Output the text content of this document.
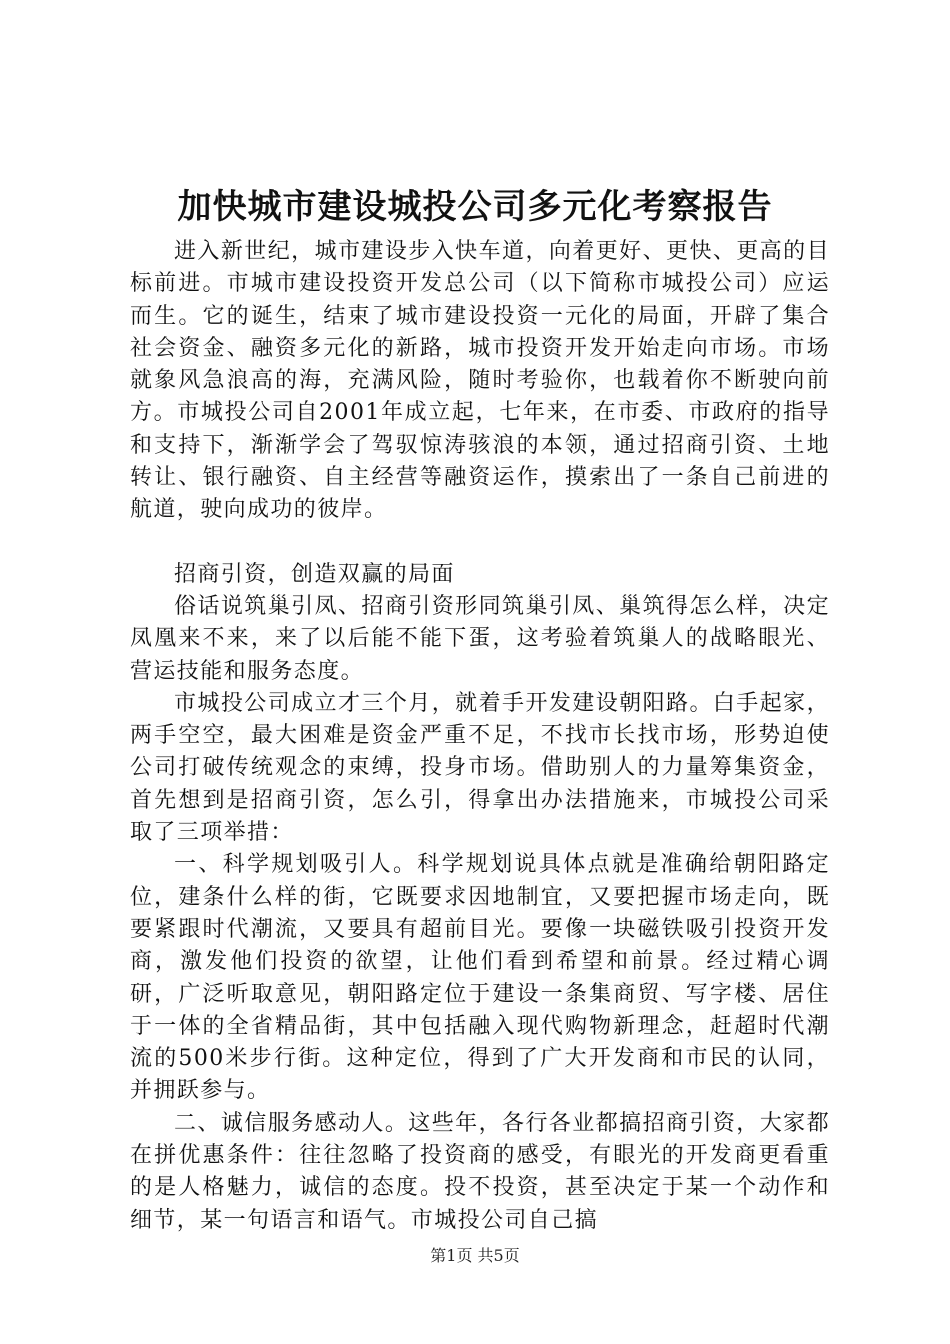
加快城市建设城投公司多元化考察报告

进入新世纪，城市建设步入快车道，向着更好、更快、更高的目标前进。市城市建设投资开发总公司（以下简称市城投公司）应运而生。它的诞生，结束了城市建设投资一元化的局面，开辟了集合社会资金、融资多元化的新路，城市投资开发开始走向市场。市场就象风急浪高的海，充满风险，随时考验你，也载着你不断驶向前方。市城投公司自2001年成立起，七年来，在市委、市政府的指导和支持下，渐渐学会了驾驭惊涛骇浪的本领，通过招商引资、土地转让、银行融资、自主经营等融资运作，摸索出了一条自己前进的航道，驶向成功的彼岸。

招商引资，创造双赢的局面

俗话说筑巢引凤、招商引资形同筑巢引凤、巢筑得怎么样，决定凤凰来不来，来了以后能不能下蛋，这考验着筑巢人的战略眼光、营运技能和服务态度。

市城投公司成立才三个月，就着手开发建设朝阳路。白手起家，两手空空，最大困难是资金严重不足，不找市长找市场，形势迫使公司打破传统观念的束缚，投身市场。借助别人的力量筹集资金，首先想到是招商引资，怎么引，得拿出办法措施来，市城投公司采取了三项举措：

一、科学规划吸引人。科学规划说具体点就是准确给朝阳路定位，建条什么样的街，它既要求因地制宜，又要把握市场走向，既要紧跟时代潮流，又要具有超前目光。要像一块磁铁吸引投资开发商，激发他们投资的欲望，让他们看到希望和前景。经过精心调研，广泛听取意见，朝阳路定位于建设一条集商贸、写字楼、居住于一体的全省精品街，其中包括融入现代购物新理念，赶超时代潮流的500米步行街。这种定位，得到了广大开发商和市民的认同，并拥跃参与。

二、诚信服务感动人。这些年，各行各业都搞招商引资，大家都在拼优惠条件：往往忽略了投资商的感受，有眼光的开发商更看重的是人格魅力，诚信的态度。投不投资，甚至决定于某一个动作和细节，某一句语言和语气。市城投公司自己搞

第1页 共5页
